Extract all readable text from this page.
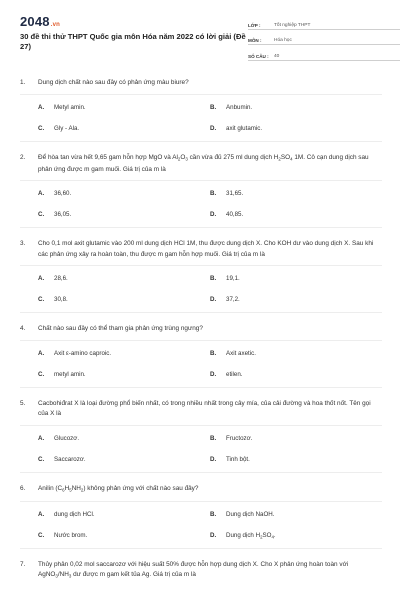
2048.vn
30 đề thi thử THPT Quốc gia môn Hóa năm 2022 có lời giải (Đề 27)
LỚP :	Tốt nghiệp THPT
MÔN :	Hóa học
SỐ CÂU :	40
1.	Dung dịch chất nào sau đây có phản ứng màu biure?
A.	Metyl amin.	B.	Anbumin.
C.	Gly - Ala.	D.	axit glutamic.
2.	Để hòa tan vừa hết 9,65 gam hỗn hợp MgO và $Al_2O_3$ cần vừa đủ 275 ml dung dịch $H_2SO_4$ 1M. Cô cạn dung dịch sau phản ứng được m gam muối. Giá trị của m là
A.	36,60.	B.	31,65.
C.	36,05.	D.	40,85.
3.	Cho 0,1 mol axit glutamic vào 200 ml dung dịch HCl 1M, thu được dung dịch X. Cho KOH dư vào dung dịch X. Sau khi các phản ứng xảy ra hoàn toàn, thu được m gam hỗn hợp muối. Giá trị của m là
A.	28,6.	B.	19,1.
C.	30,8.	D.	37,2.
4.	Chất nào sau đây có thể tham gia phản ứng trùng ngưng?
A.	Axit ε-amino caproic.	B.	Axit axetic.
C.	metyl amin.	D.	etilen.
5.	Cacbohiđrat X là loại đường phổ biến nhất, có trong nhiều nhất trong cây mía, của cải đường và hoa thốt nốt. Tên gọi của X là
A.	Glucozơ.	B.	Fructozơ.
C.	Saccarozơ.	D.	Tinh bột.
6.	Anilin $(C_6H_5NH_2)$ không phản ứng với chất nào sau đây?
A.	dung dịch HCl.	B.	Dung dịch NaOH.
C.	Nước brom.	D.	Dung dịch $H_2SO_4$.
7.	Thủy phân 0,02 mol saccarozơ với hiệu suất 50% được hỗn hợp dung dịch X. Cho X phản ứng hoàn toàn với $AgNO_3/NH_3$ dư được m gam kết tủa Ag. Giá trị của m là
